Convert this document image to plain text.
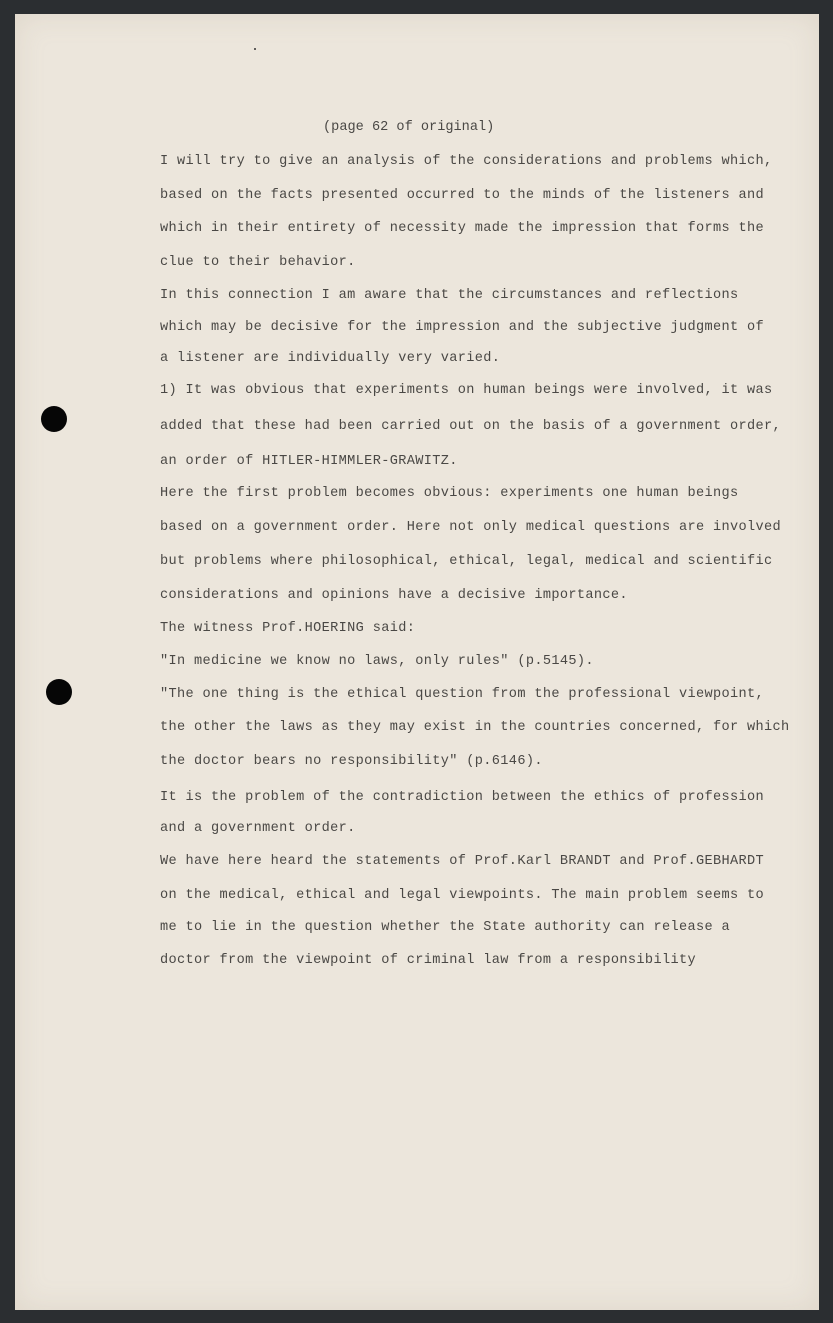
(page 62 of original)

I will try to give an analysis of the considerations and problems which,

based on the facts presented occurred to the minds of the listeners and

which in their entirety of necessity made the impression that forms the

clue to their behavior.

In this connection I am aware that the circumstances and reflections

which may be decisive for the impression and the subjective judgment of

a listener are individually very varied.

1) It was obvious that experiments on human beings were involved, it was

added that these had been carried out on the basis of a government order,

an order of HITLER-HIMMLER-GRAWITZ.

Here the first problem becomes obvious: experiments one human beings

based on a government order. Here not only medical questions are involved

but problems where philosophical, ethical, legal, medical and scientific

considerations and opinions have a decisive importance.

The witness Prof.HOERING said:

"In medicine we know no laws, only rules" (p.5145).

"The one thing is the ethical question from the professional viewpoint,

the other the laws as they may exist in the countries concerned, for which

the doctor bears no responsibility" (p.6146).

It is the problem of the contradiction between the ethics of profession

and a government order.

We have here heard the statements of Prof.Karl BRANDT and Prof.GEBHARDT

on the medical, ethical and legal viewpoints. The main problem seems to

me to lie in the question whether the State authority can release a

doctor from the viewpoint of criminal law from a responsibility
